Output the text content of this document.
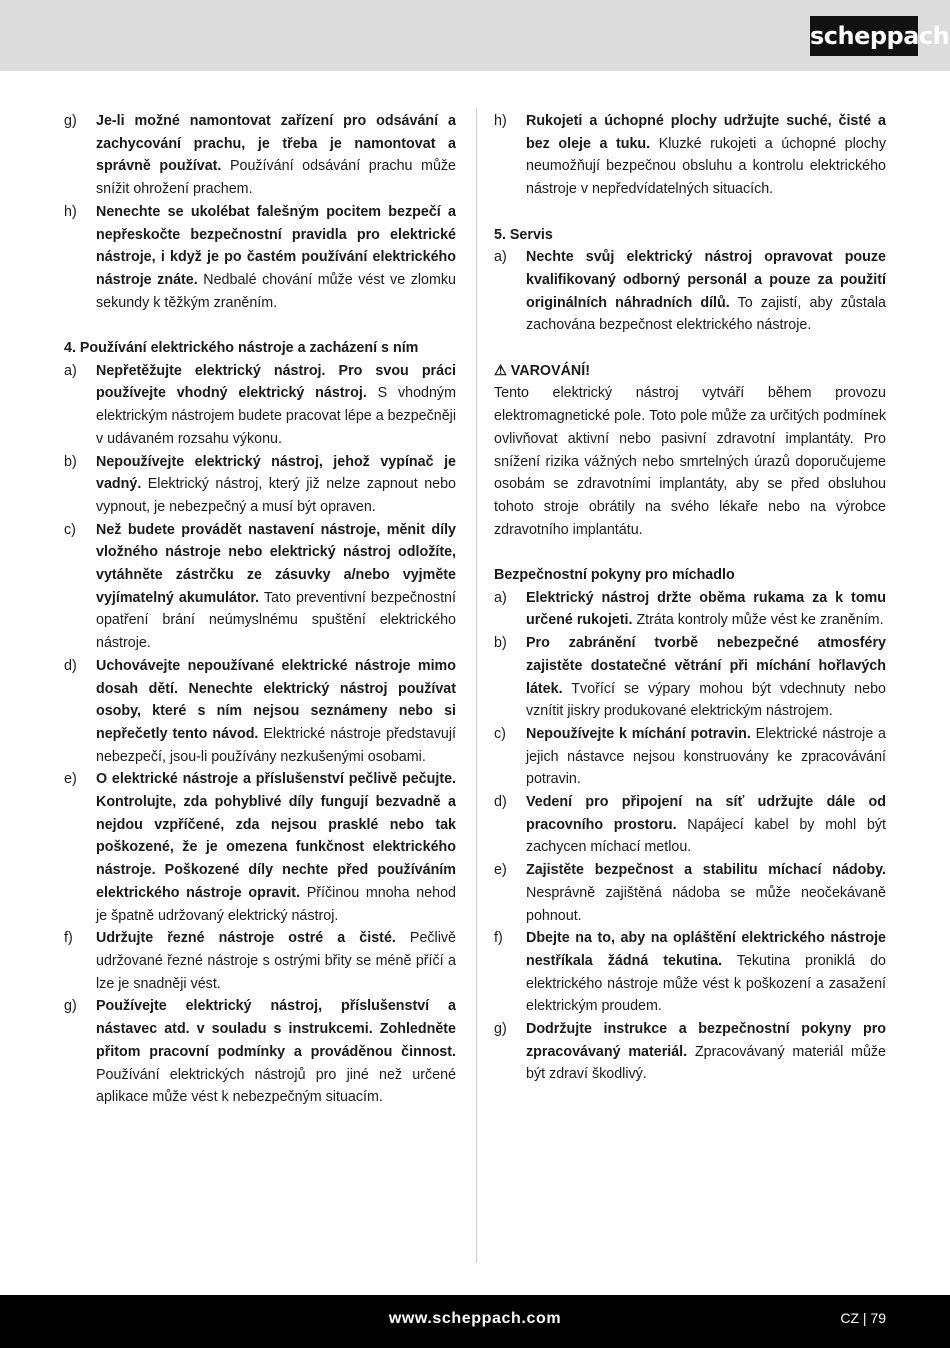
scheppach
g)	Je-li možné namontovat zařízení pro odsávání a zachycování prachu, je třeba je namontovat a správně používat. Používání odsávání prachu může snížit ohrožení prachem.
h)	Nenechte se ukolébat falešným pocitem bezpečí a nepřeskočte bezpečnostní pravidla pro elektrické nástroje, i když je po častém používání elektrického nástroje znáte. Nedbalé chování může vést ve zlomku sekundy k těžkým zraněním.
4. Používání elektrického nástroje a zacházení s ním
a)	Nepřetěžujte elektrický nástroj. Pro svou práci používejte vhodný elektrický nástroj. S vhodným elektrickým nástrojem budete pracovat lépe a bezpečněji v udávaném rozsahu výkonu.
b)	Nepoužívejte elektrický nástroj, jehož vypínač je vadný. Elektrický nástroj, který již nelze zapnout nebo vypnout, je nebezpečný a musí být opraven.
c)	Než budete provádět nastavení nástroje, měnit díly vložného nástroje nebo elektrický nástroj odložíte, vytáhněte zástrčku ze zásuvky a/nebo vyjměte vyjímatelný akumulátor. Tato preventivní bezpečnostní opatření brání neúmyslnému spuštění elektrického nástroje.
d)	Uchovávejte nepoužívané elektrické nástroje mimo dosah dětí. Nenechte elektrický nástroj používat osoby, které s ním nejsou seznámeny nebo si nepřečetly tento návod. Elektrické nástroje představují nebezpečí, jsou-li používány nezkušenými osobami.
e)	O elektrické nástroje a příslušenství pečlivě pečujte. Kontrolujte, zda pohyblivé díly fungují bezvadně a nejdou vzpříčené, zda nejsou prasklé nebo tak poškozené, že je omezena funkčnost elektrického nástroje. Poškozené díly nechte před používáním elektrického nástroje opravit. Příčinou mnoha nehod je špatně udržovaný elektrický nástroj.
f)	Udržujte řezné nástroje ostré a čisté. Pečlivě udržované řezné nástroje s ostrými břity se méně příčí a lze je snadněji vést.
g)	Používejte elektrický nástroj, příslušenství a nástavec atd. v souladu s instrukcemi. Zohledněte přitom pracovní podmínky a prováděnou činnost. Používání elektrických nástrojů pro jiné než určené aplikace může vést k nebezpečným situacím.
h)	Rukojeti a úchopné plochy udržujte suché, čisté a bez oleje a tuku. Kluzké rukojeti a úchopné plochy neumožňují bezpečnou obsluhu a kontrolu elektrického nástroje v nepředvídatelných situacích.
5. Servis
a)	Nechte svůj elektrický nástroj opravovat pouze kvalifikovaný odborný personál a pouze za použití originálních náhradních dílů. To zajistí, aby zůstala zachována bezpečnost elektrického nástroje.
⚠ VAROVÁNÍ!
Tento elektrický nástroj vytváří během provozu elektromagnetické pole. Toto pole může za určitých podmínek ovlivňovat aktivní nebo pasivní zdravotní implantáty. Pro snížení rizika vážných nebo smrtelných úrazů doporučujeme osobám se zdravotními implantáty, aby se před obsluhou tohoto stroje obrátily na svého lékaře nebo na výrobce zdravotního implantátu.
Bezpečnostní pokyny pro míchadlo
a)	Elektrický nástroj držte oběma rukama za k tomu určené rukojeti. Ztráta kontroly může vést ke zraněním.
b)	Pro zabránění tvorbě nebezpečné atmosféry zajistěte dostatečné větrání při míchání hořlavých látek. Tvořící se výpary mohou být vdechnuty nebo vznítit jiskry produkované elektrickým nástrojem.
c)	Nepoužívejte k míchání potravin. Elektrické nástroje a jejich nástavce nejsou konstruovány ke zpracovávání potravin.
d)	Vedení pro připojení na síť udržujte dále od pracovního prostoru. Napájecí kabel by mohl být zachycen míchací metlou.
e)	Zajistěte bezpečnost a stabilitu míchací nádoby. Nesprávně zajištěná nádoba se může neočekávaně pohnout.
f)	Dbejte na to, aby na opláštění elektrického nástroje nestříkala žádná tekutina. Tekutina proniklá do elektrického nástroje může vést k poškození a zasažení elektrickým proudem.
g)	Dodržujte instrukce a bezpečnostní pokyny pro zpracovávaný materiál. Zpracovávaný materiál může být zdraví škodlivý.
www.scheppach.com	CZ | 79
